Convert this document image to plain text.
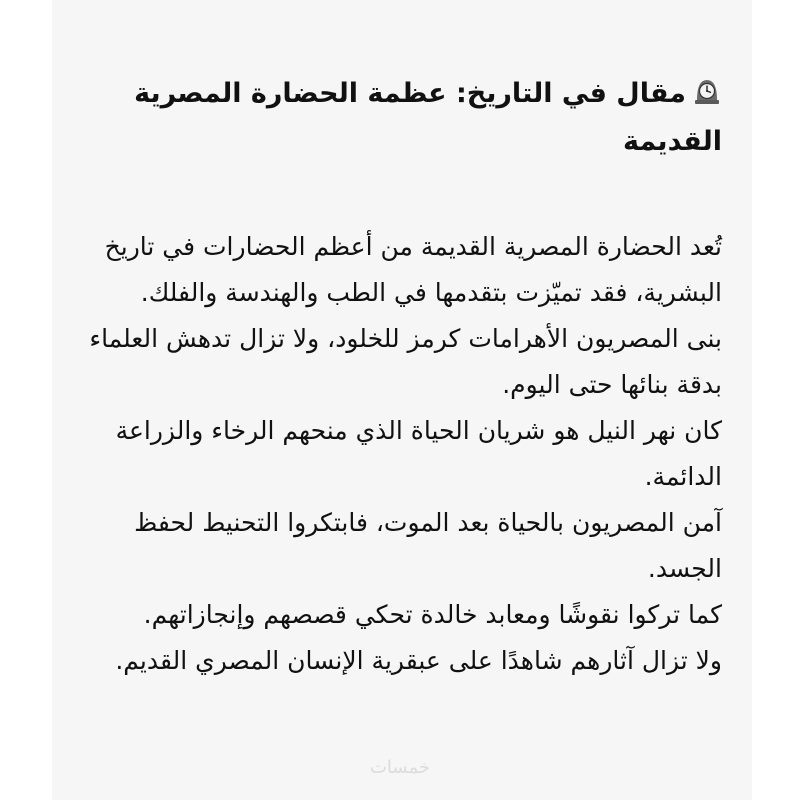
مقال في التاريخ: عظمة الحضارة المصرية القديمة

تُعد الحضارة المصرية القديمة من أعظم الحضارات في تاريخ البشرية، فقد تميّزت بتقدمها في الطب والهندسة والفلك.

بنى المصريون الأهرامات كرمز للخلود، ولا تزال تدهش العلماء بدقة بنائها حتى اليوم.

كان نهر النيل هو شريان الحياة الذي منحهم الرخاء والزراعة الدائمة.

آمن المصريون بالحياة بعد الموت، فابتكروا التحنيط لحفظ الجسد.

كما تركوا نقوشًا ومعابد خالدة تحكي قصصهم وإنجازاتهم.

ولا تزال آثارهم شاهدًا على عبقرية الإنسان المصري القديم.

خمسات
